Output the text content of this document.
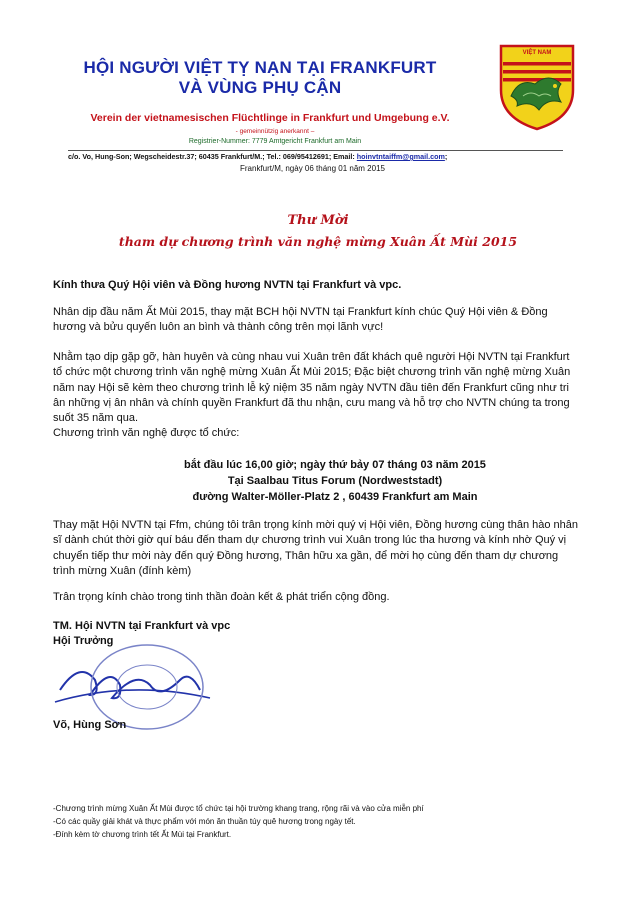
HỘI NGƯỜI VIỆT TỴ NẠN TẠI FRANKFURT
VÀ VÙNG PHỤ CẬN
Verein der vietnamesischen Flüchtlinge in Frankfurt und Umgebung e.V.
- gemeinnützig anerkannt –
Registrier-Nummer: 7779 Amtgericht Frankfurt am Main
c/o. Vo, Hung-Son; Wegscheidestr.37; 60435 Frankfurt/M.; Tel.: 069/95412691; Email: hoinvtntaiffm@gmail.com;
Frankfurt/M, ngày 06 tháng 01 năm 2015
VIỆT NAM
Thư Mời
tham dự chương trình văn nghệ mừng Xuân Ất Mùi 2015
Kính thưa Quý Hội viên và Đồng hương NVTN tại Frankfurt và vpc.
Nhân dịp đầu năm Ất Mùi 2015, thay mặt BCH hội NVTN tại Frankfurt kính chúc Quý Hội viên & Đồng hương và bửu quyến luôn an bình và thành công trên mọi lãnh vực!
Nhằm tạo dịp gặp gỡ, hàn huyên và cùng nhau vui Xuân trên đất khách quê người Hội NVTN tại Frankfurt tổ chức một chương trình văn nghệ mừng Xuân Ất Mùi 2015; Đặc biệt chương trình văn nghệ mừng Xuân năm nay Hội sẽ kèm theo chương trình lễ kỷ niệm 35 năm ngày NVTN đầu tiên đến Frankfurt cũng như tri ân những vị ân nhân và chính quyền Frankfurt đã thu nhận, cưu mang và hỗ trợ cho NVTN chúng ta trong suốt 35 năm qua.
Chương trình văn nghệ được tổ chức:
bắt đầu lúc 16,00 giờ; ngày thứ bảy 07 tháng 03 năm 2015
Tại Saalbau Titus Forum (Nordweststadt)
đường Walter-Möller-Platz 2 , 60439 Frankfurt am Main
Thay mặt Hội NVTN tại Ffm, chúng tôi trân trọng kính mời quý vị Hội viên, Đồng hương cùng thân hào nhân sĩ dành chút thời giờ quí báu đến tham dự chương trình vui Xuân trong lúc tha hương và kính nhờ Quý vị chuyển tiếp thư mời này đến quý Đồng hương, Thân hữu xa gần, để mời họ cùng đến tham dự chương trình mừng Xuân (đính kèm)
Trân trọng kính chào trong tinh thần đoàn kết & phát triển cộng đồng.
TM. Hội NVTN tại Frankfurt và vpc
Hội Trưởng
Võ, Hùng Sơn
-Chương trình mừng Xuân Ất Mùi được tổ chức tại hội trường khang trang, rộng rãi và vào cửa miễn phí
-Có các quầy giải khát và thực phẩm với món ăn thuần túy quê hương trong ngày tết.
-Đính kèm tờ chương trình tết Ất Mùi tại Frankfurt.
